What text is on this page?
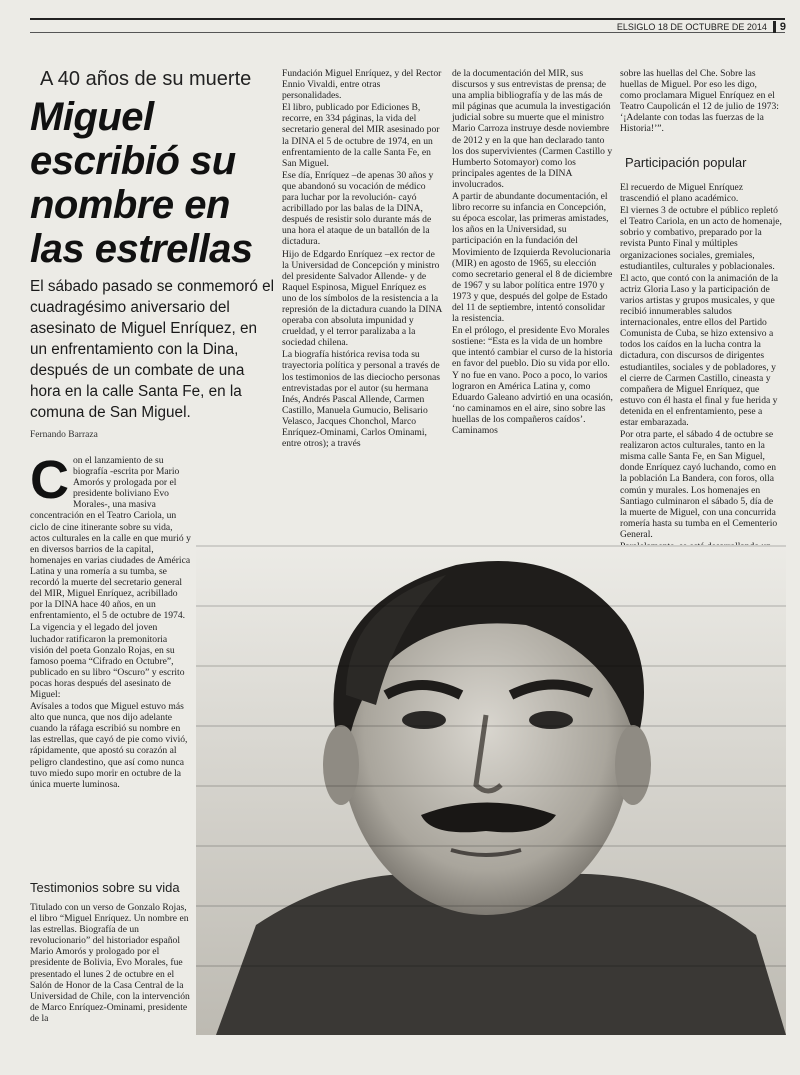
ELSIGLO 18 DE OCTUBRE DE 2014	9
A 40 años de su muerte
Miguel escribió su nombre en las estrellas
El sábado pasado se conmemoró el cuadragésimo aniversario del asesinato de Miguel Enríquez, en un enfrentamiento con la Dina, después de un combate de una hora en la calle Santa Fe, en la comuna de San Miguel.
Fernando Barraza
C on el lanzamiento de su biografía -escrita por Mario Amorós y prologada por el presidente boliviano Evo Morales-, una masiva concentración en el Teatro Cariola, un ciclo de cine itinerante sobre su vida, actos culturales en la calle en que murió y en diversos barrios de la capital, homenajes en varias ciudades de América Latina y una romería a su tumba, se recordó la muerte del secretario general del MIR, Miguel Enríquez, acribillado por la DINA hace 40 años, en un enfrentamiento, el 5 de octubre de 1974.

La vigencia y el legado del joven luchador ratificaron la premonitoria visión del poeta Gonzalo Rojas, en su famoso poema “Cifrado en Octubre”, publicado en su libro “Oscuro” y escrito pocas horas después del asesinato de Miguel:

Avísales a todos que Miguel estuvo más alto que nunca, que nos dijo adelante cuando la ráfaga escribió su nombre en las estrellas, que cayó de pie como vivió, rápidamente, que apostó su corazón al peligro clandestino, que así como nunca tuvo miedo supo morir en octubre de la única muerte luminosa.

Testimonios sobre su vida

Titulado con un verso de Gonzalo Rojas, el libro “Miguel Enríquez. Un nombre en las estrellas. Biografía de un revolucionario” del historiador español Mario Amorós y prologado por el presidente de Bolivia, Evo Morales, fue presentado el lunes 2 de octubre en el Salón de Honor de la Casa Central de la Universidad de Chile, con la intervención de Marco Enríquez-Ominami, presidente de la

Fundación Miguel Enríquez, y del Rector Ennio Vivaldi, entre otras personalidades.

El libro, publicado por Ediciones B, recorre, en 334 páginas, la vida del secretario general del MIR asesinado por la DINA el 5 de octubre de 1974, en un enfrentamiento de la calle Santa Fe, en San Miguel.

Ese día, Enríquez –de apenas 30 años y que abandonó su vocación de médico para luchar por la revolución- cayó acribillado por las balas de la DINA, después de resistir solo durante más de una hora el ataque de un batallón de la dictadura.

Hijo de Edgardo Enríquez –ex rector de la Universidad de Concepción y ministro del presidente Salvador Allende- y de Raquel Espinosa, Miguel Enríquez es uno de los símbolos de la resistencia a la represión de la dictadura cuando la DINA operaba con absoluta impunidad y crueldad, y el terror paralizaba a la sociedad chilena.

La biografía histórica revisa toda su trayectoria política y personal a través de los testimonios de las dieciocho personas entrevistadas por el autor (su hermana Inés, Andrés Pascal Allende, Carmen Castillo, Manuela Gumucio, Belisario Velasco, Jacques Chonchol, Marco Enríquez-Ominami, Carlos Ominami, entre otros); a través

de la documentación del MIR, sus discursos y sus entrevistas de prensa; de una amplia bibliografía y de las más de mil páginas que acumula la investigación judicial sobre su muerte que el ministro Mario Carroza instruye desde noviembre de 2012 y en la que han declarado tanto los dos supervivientes (Carmen Castillo y Humberto Sotomayor) como los principales agentes de la DINA involucrados.

A partir de abundante documentación, el libro recorre su infancia en Concepción, su época escolar, las primeras amistades, los años en la Universidad, su participación en la fundación del Movimiento de Izquierda Revolucionaria (MIR) en agosto de 1965, su elección como secretario general el 8 de diciembre de 1967 y su labor política entre 1970 y 1973 y que, después del golpe de Estado del 11 de septiembre, intentó consolidar la resistencia.

En el prólogo, el presidente Evo Morales sostiene: “Esta es la vida de un hombre que intentó cambiar el curso de la historia en favor del pueblo. Dio su vida por ello. Y no fue en vano. Poco a poco, lo varios lograron en América Latina y, como Eduardo Galeano advirtió en una ocasión, ‘no caminamos en el aire, sino sobre las huellas de los compañeros caídos’. Caminamos

sobre las huellas del Che. Sobre las huellas de Miguel. Por eso les digo, como proclamara Miguel Enríquez en el Teatro Caupolicán el 12 de julio de 1973: ‘¡Adelante con todas las fuerzas de la Historia!’”.

Participación popular

El recuerdo de Miguel Enríquez trascendió el plano académico.

El viernes 3 de octubre el público repletó el Teatro Cariola, en un acto de homenaje, sobrio y combativo, preparado por la revista Punto Final y múltiples organizaciones sociales, gremiales, estudiantiles, culturales y poblacionales.

El acto, que contó con la animación de la actriz Gloria Laso y la participación de varios artistas y grupos musicales, y que recibió innumerables saludos internacionales, entre ellos del Partido Comunista de Cuba, se hizo extensivo a todos los caídos en la lucha contra la dictadura, con discursos de dirigentes estudiantiles, sociales y de pobladores, y el cierre de Carmen Castillo, cineasta y compañera de Miguel Enríquez, que estuvo con él hasta el final y fue herida y detenida en el enfrentamiento, pese a estar embarazada.

Por otra parte, el sábado 4 de octubre se realizaron actos culturales, tanto en la misma calle Santa Fe, en San Miguel, donde Enríquez cayó luchando, como en la población La Bandera, con foros, olla común y murales. Los homenajes en Santiago culminaron el sábado 5, día de la muerte de Miguel, con una concurrida romería hasta su tumba en el Cementerio General.
